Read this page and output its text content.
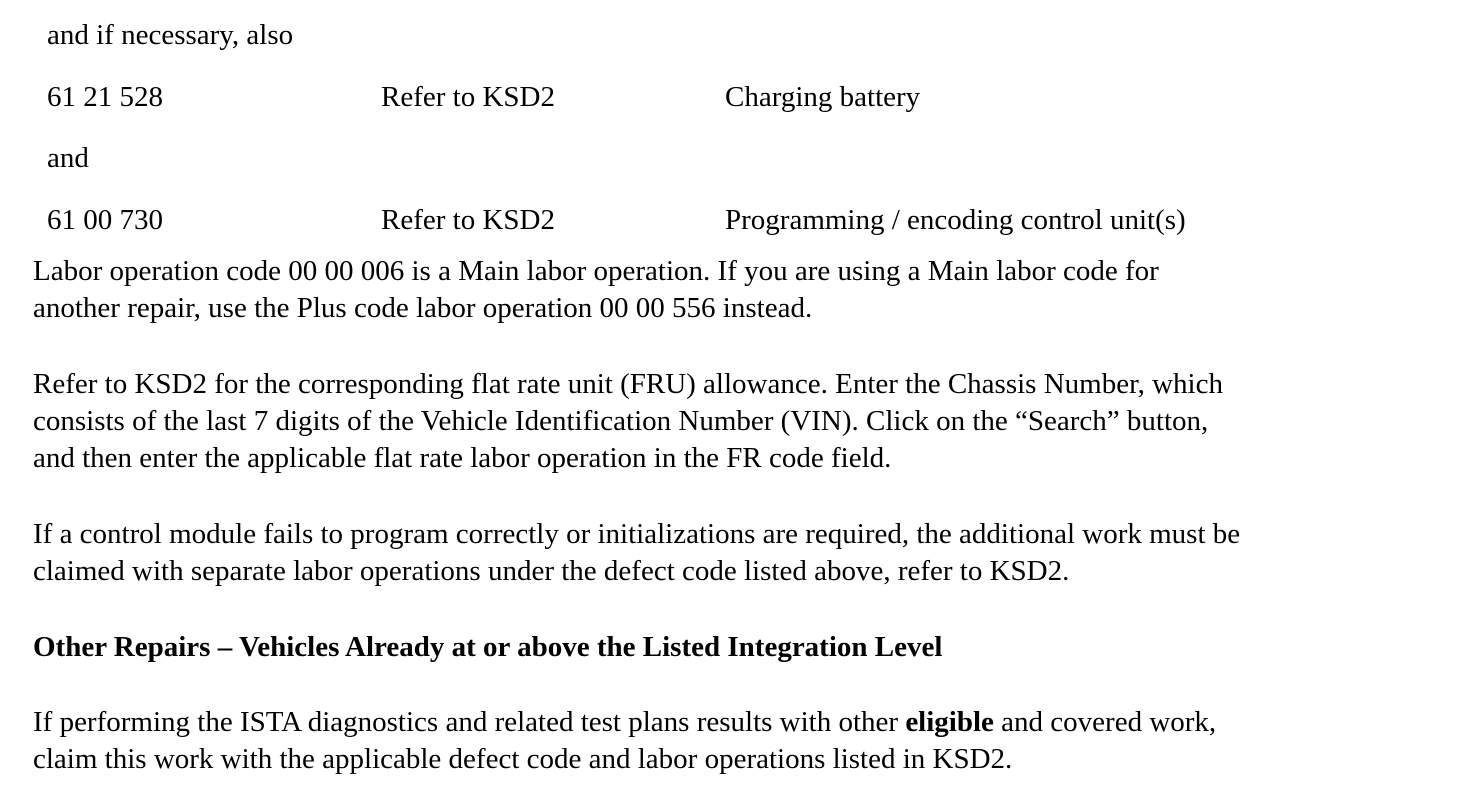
and if necessary, also
61 21 528	Refer to KSD2	Charging battery
and
61 00 730	Refer to KSD2	Programming / encoding control unit(s)
Labor operation code 00 00 006 is a Main labor operation. If you are using a Main labor code for
another repair, use the Plus code labor operation 00 00 556 instead.
Refer to KSD2 for the corresponding flat rate unit (FRU) allowance. Enter the Chassis Number, which
consists of the last 7 digits of the Vehicle Identification Number (VIN). Click on the “Search” button,
and then enter the applicable flat rate labor operation in the FR code field.
If a control module fails to program correctly or initializations are required, the additional work must be
claimed with separate labor operations under the defect code listed above, refer to KSD2.
Other Repairs – Vehicles Already at or above the Listed Integration Level
If performing the ISTA diagnostics and related test plans results with other eligible and covered work,
claim this work with the applicable defect code and labor operations listed in KSD2.
